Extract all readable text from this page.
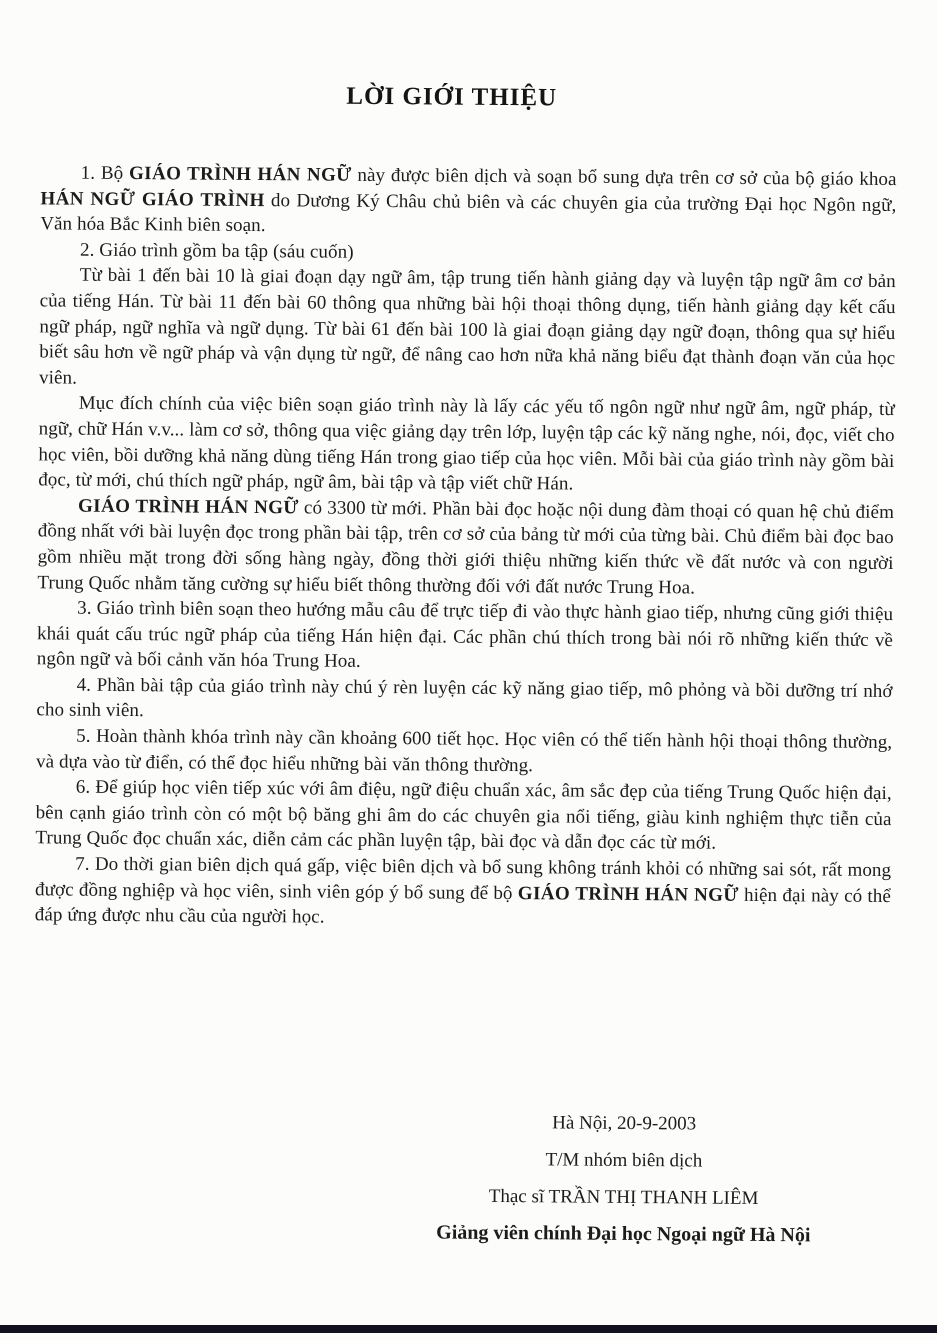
LỜI GIỚI THIỆU

1. Bộ GIÁO TRÌNH HÁN NGỮ này được biên dịch và soạn bổ sung dựa trên cơ sở của bộ giáo khoa HÁN NGỮ GIÁO TRÌNH do Dương Ký Châu chủ biên và các chuyên gia của trường Đại học Ngôn ngữ, Văn hóa Bắc Kinh biên soạn.

2. Giáo trình gồm ba tập (sáu cuốn)

Từ bài 1 đến bài 10 là giai đoạn dạy ngữ âm, tập trung tiến hành giảng dạy và luyện tập ngữ âm cơ bản của tiếng Hán. Từ bài 11 đến bài 60 thông qua những bài hội thoại thông dụng, tiến hành giảng dạy kết cấu ngữ pháp, ngữ nghĩa và ngữ dụng. Từ bài 61 đến bài 100 là giai đoạn giảng dạy ngữ đoạn, thông qua sự hiểu biết sâu hơn về ngữ pháp và vận dụng từ ngữ, để nâng cao hơn nữa khả năng biểu đạt thành đoạn văn của học viên.

Mục đích chính của việc biên soạn giáo trình này là lấy các yếu tố ngôn ngữ như ngữ âm, ngữ pháp, từ ngữ, chữ Hán v.v... làm cơ sở, thông qua việc giảng dạy trên lớp, luyện tập các kỹ năng nghe, nói, đọc, viết cho học viên, bồi dưỡng khả năng dùng tiếng Hán trong giao tiếp của học viên. Mỗi bài của giáo trình này gồm bài đọc, từ mới, chú thích ngữ pháp, ngữ âm, bài tập và tập viết chữ Hán.

GIÁO TRÌNH HÁN NGỮ có 3300 từ mới. Phần bài đọc hoặc nội dung đàm thoại có quan hệ chủ điểm đồng nhất với bài luyện đọc trong phần bài tập, trên cơ sở của bảng từ mới của từng bài. Chủ điểm bài đọc bao gồm nhiều mặt trong đời sống hàng ngày, đồng thời giới thiệu những kiến thức về đất nước và con người Trung Quốc nhằm tăng cường sự hiểu biết thông thường đối với đất nước Trung Hoa.

3. Giáo trình biên soạn theo hướng mẫu câu để trực tiếp đi vào thực hành giao tiếp, nhưng cũng giới thiệu khái quát cấu trúc ngữ pháp của tiếng Hán hiện đại. Các phần chú thích trong bài nói rõ những kiến thức về ngôn ngữ và bối cảnh văn hóa Trung Hoa.

4. Phần bài tập của giáo trình này chú ý rèn luyện các kỹ năng giao tiếp, mô phỏng và bồi dưỡng trí nhớ cho sinh viên.

5. Hoàn thành khóa trình này cần khoảng 600 tiết học. Học viên có thể tiến hành hội thoại thông thường, và dựa vào từ điển, có thể đọc hiểu những bài văn thông thường.

6. Để giúp học viên tiếp xúc với âm điệu, ngữ điệu chuẩn xác, âm sắc đẹp của tiếng Trung Quốc hiện đại, bên cạnh giáo trình còn có một bộ băng ghi âm do các chuyên gia nổi tiếng, giàu kinh nghiệm thực tiễn của Trung Quốc đọc chuẩn xác, diễn cảm các phần luyện tập, bài đọc và dẫn đọc các từ mới.

7. Do thời gian biên dịch quá gấp, việc biên dịch và bổ sung không tránh khỏi có những sai sót, rất mong được đồng nghiệp và học viên, sinh viên góp ý bổ sung để bộ GIÁO TRÌNH HÁN NGỮ hiện đại này có thể đáp ứng được nhu cầu của người học.

Hà Nội, 20-9-2003

T/M nhóm biên dịch

Thạc sĩ TRẦN THỊ THANH LIÊM

Giảng viên chính Đại học Ngoại ngữ Hà Nội
